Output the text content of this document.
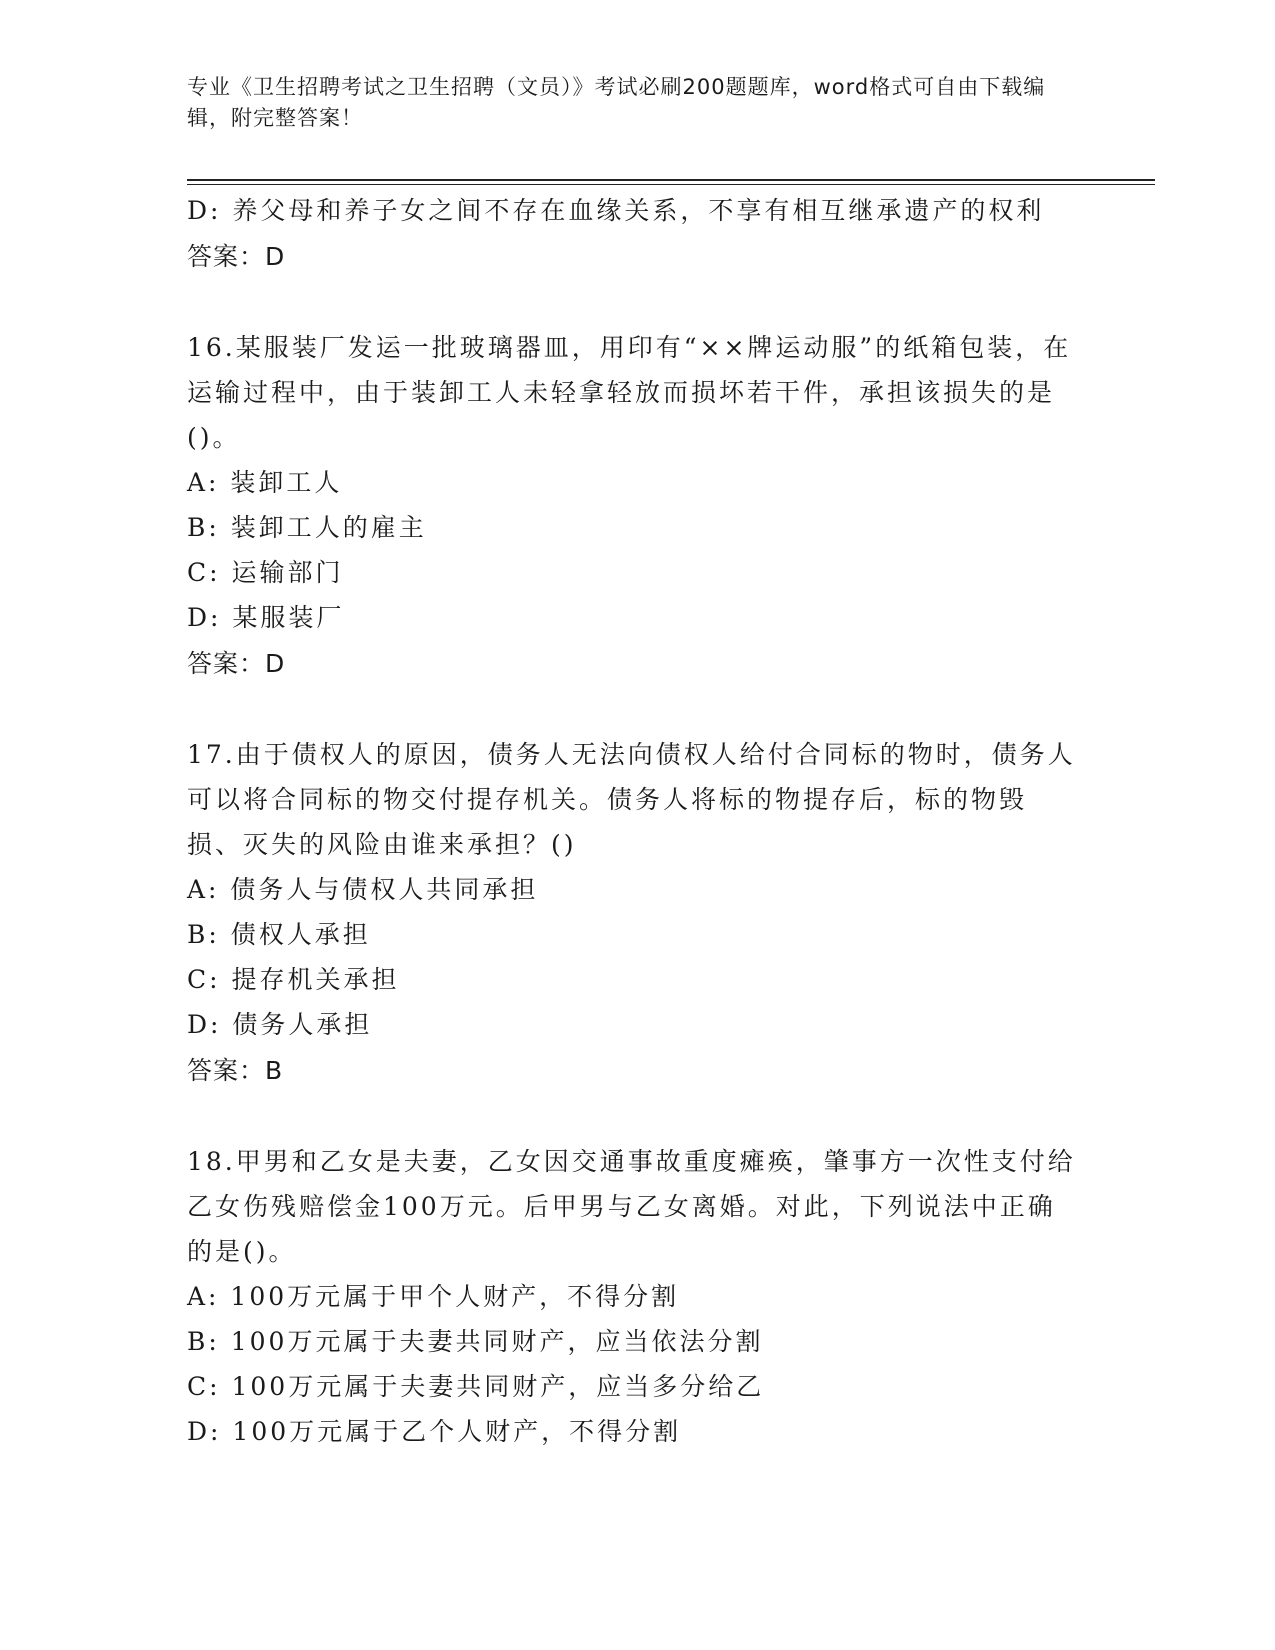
专业《卫生招聘考试之卫生招聘（文员）》考试必刷200题题库，word格式可自由下载编辑，附完整答案！
D: 养父母和养子女之间不存在血缘关系，不享有相互继承遗产的权利
答案：D
16.某服装厂发运一批玻璃器皿，用印有“××牌运动服”的纸箱包装，在运输过程中，由于装卸工人未轻拿轻放而损坏若干件，承担该损失的是()。
A: 装卸工人
B: 装卸工人的雇主
C: 运输部门
D: 某服装厂
答案：D
17.由于债权人的原因，债务人无法向债权人给付合同标的物时，债务人可以将合同标的物交付提存机关。债务人将标的物提存后，标的物毁损、灭失的风险由谁来承担？()
A: 债务人与债权人共同承担
B: 债权人承担
C: 提存机关承担
D: 债务人承担
答案：B
18.甲男和乙女是夫妻，乙女因交通事故重度瘫痪，肇事方一次性支付给乙女伤残赔偿金100万元。后甲男与乙女离婚。对此，下列说法中正确的是()。
A: 100万元属于甲个人财产，不得分割
B: 100万元属于夫妻共同财产，应当依法分割
C: 100万元属于夫妻共同财产，应当多分给乙
D: 100万元属于乙个人财产，不得分割
